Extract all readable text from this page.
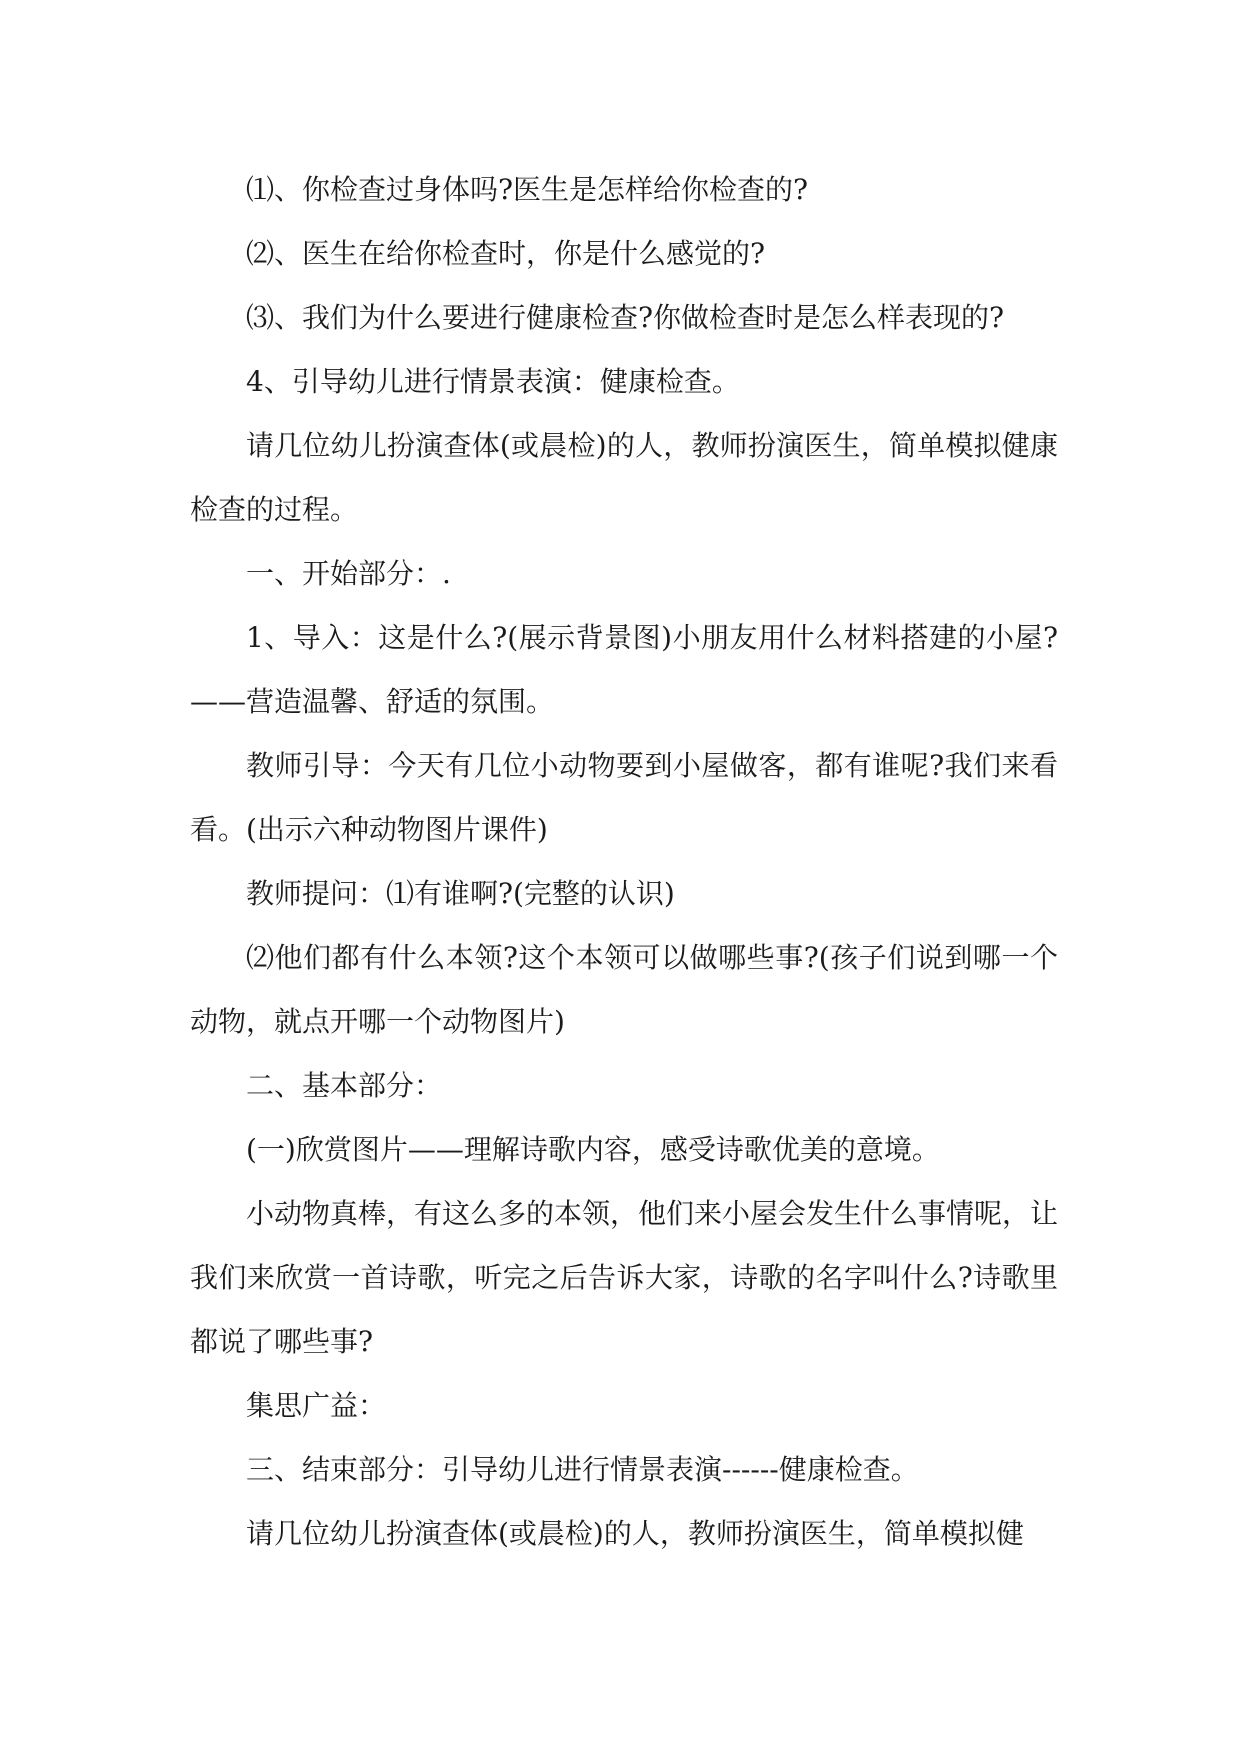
⑴、你检查过身体吗?医生是怎样给你检查的?

⑵、医生在给你检查时，你是什么感觉的?

⑶、我们为什么要进行健康检查?你做检查时是怎么样表现的?

4、引导幼儿进行情景表演：健康检查。

请几位幼儿扮演查体(或晨检)的人，教师扮演医生，简单模拟健康检查的过程。

一、开始部分：.

1、导入：这是什么?(展示背景图)小朋友用什么材料搭建的小屋?——营造温馨、舒适的氛围。

教师引导：今天有几位小动物要到小屋做客，都有谁呢?我们来看看。(出示六种动物图片课件)

教师提问：⑴有谁啊?(完整的认识)

⑵他们都有什么本领?这个本领可以做哪些事?(孩子们说到哪一个动物，就点开哪一个动物图片)

二、基本部分：

(一)欣赏图片——理解诗歌内容，感受诗歌优美的意境。

小动物真棒，有这么多的本领，他们来小屋会发生什么事情呢，让我们来欣赏一首诗歌，听完之后告诉大家，诗歌的名字叫什么?诗歌里都说了哪些事?

集思广益：

三、结束部分：引导幼儿进行情景表演------健康检查。

请几位幼儿扮演查体(或晨检)的人，教师扮演医生，简单模拟健
